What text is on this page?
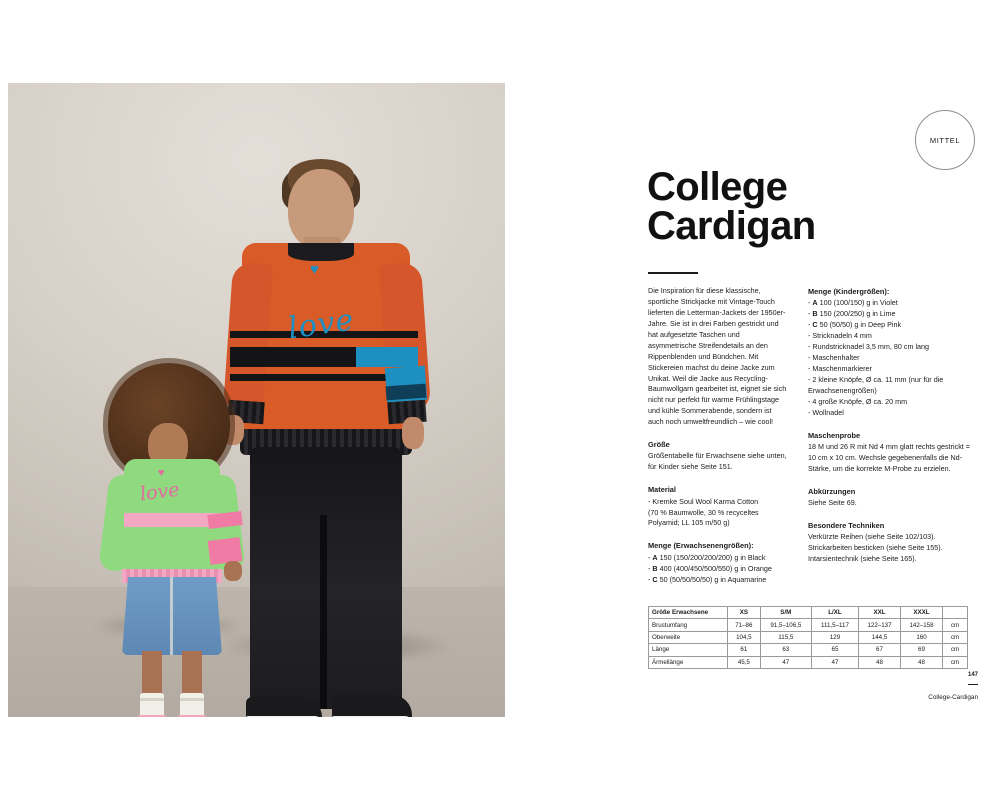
♥
love
♥
love
MITTEL
College
Cardigan

Die Inspiration für diese klassische, sportliche Strickjacke mit Vintage-Touch lieferten die Letterman-Jackets der 1950er-Jahre. Sie ist in drei Farben gestrickt und hat aufgesetzte Taschen und asymmetrische Streifendetails an den Rippenblenden und Bündchen. Mit Stickereien machst du deine Jacke zum Unikat. Weil die Jacke aus Recycling-Baumwollgarn gearbeitet ist, eignet sie sich nicht nur perfekt für warme Frühlingstage und kühle Sommerabende, sondern ist auch noch umweltfreundlich – wie cool!

Größe

Größentabelle für Erwachsene siehe unten, für Kinder siehe Seite 151.

Material
- Kremke Soul Wool Karma Cotton
(70 % Baumwolle, 30 % recyceltes Polyamid; LL 105 m/50 g)
Menge (Erwachsenengrößen):
- A 150 (150/200/200/200) g in Black
- B 400 (400/450/500/550) g in Orange
- C 50 (50/50/50/50) g in Aquamarine
Menge (Kindergrößen):
- A 100 (100/150) g in Violet
- B 150 (200/250) g in Lime
- C 50 (50/50) g in Deep Pink
- Stricknadeln 4 mm
- Rundstricknadel 3,5 mm, 80 cm lang
- Maschenhalter
- Maschenmarkierer
- 2 kleine Knöpfe, Ø ca. 11 mm (nur für die Erwachsenengrößen)
- 4 große Knöpfe, Ø ca. 20 mm
- Wollnadel
Maschenprobe

18 M und 26 R mit Nd 4 mm glatt rechts gestrickt = 10 cm x 10 cm. Wechsle gegebenenfalls die Nd-Stärke, um die korrekte M-Probe zu erzielen.

Abkürzungen

Siehe Seite 69.

Besondere Techniken

Verkürzte Reihen (siehe Seite 102/103). Strickarbeiten besticken (siehe Seite 155). Intarsientechnik (siehe Seite 165).

Größe Erwachsene	XS	S/M	L/XL	XXL	XXXL	
Brustumfang	71–86	91,5–106,5	111,5–117	122–137	142–158	cm
Oberweite	104,5	115,5	129	144,5	160	cm
Länge	61	63	65	67	69	cm
Ärmellänge	45,5	47	47	48	48	cm
147
College-Cardigan
